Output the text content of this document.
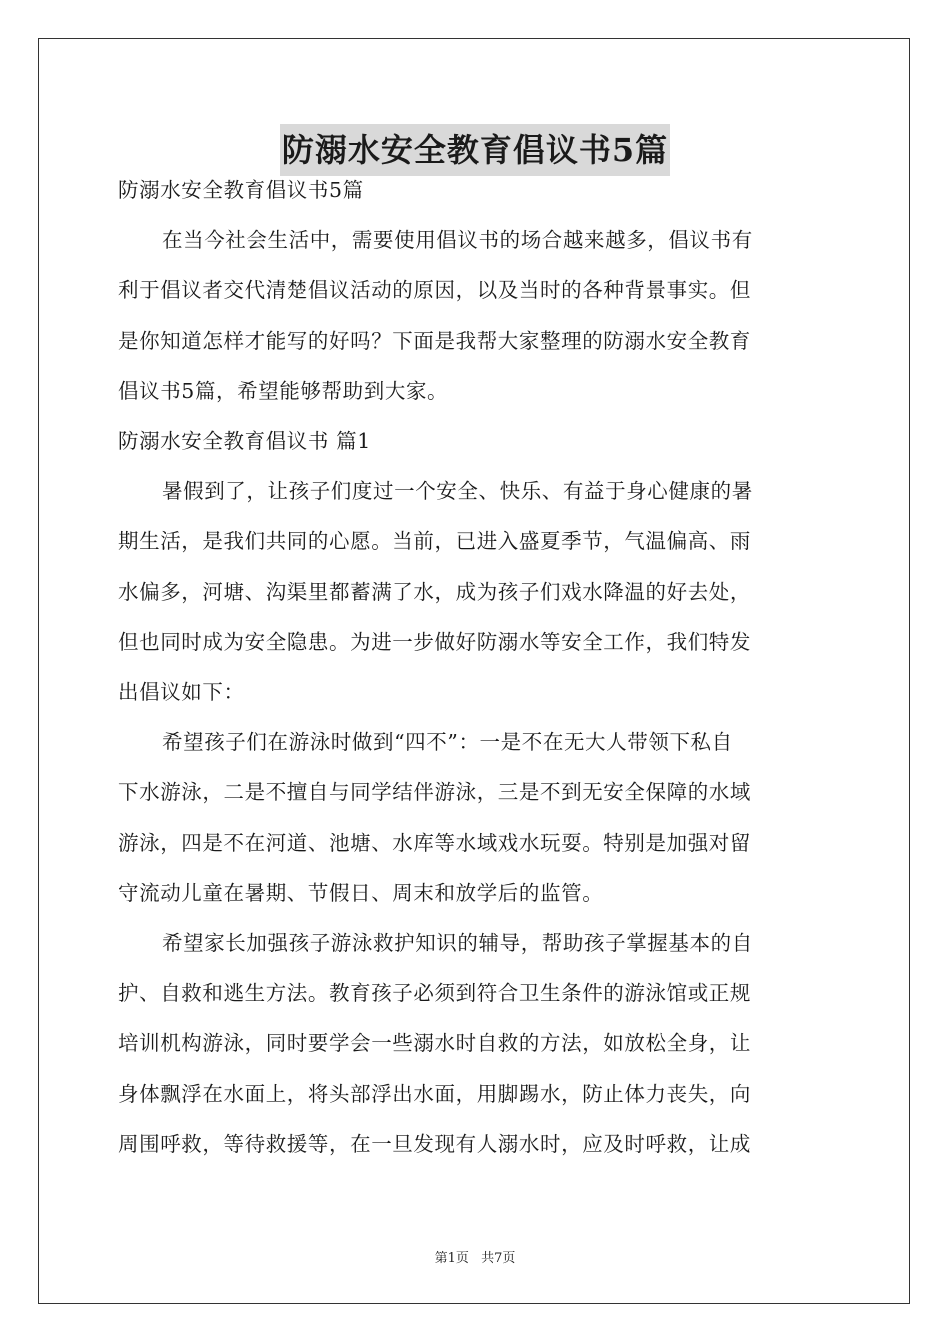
防溺水安全教育倡议书5篇
防溺水安全教育倡议书5篇
在当今社会生活中，需要使用倡议书的场合越来越多，倡议书有
利于倡议者交代清楚倡议活动的原因，以及当时的各种背景事实。但
是你知道怎样才能写的好吗？下面是我帮大家整理的防溺水安全教育
倡议书5篇，希望能够帮助到大家。
防溺水安全教育倡议书 篇1
暑假到了，让孩子们度过一个安全、快乐、有益于身心健康的暑
期生活，是我们共同的心愿。当前，已进入盛夏季节，气温偏高、雨
水偏多，河塘、沟渠里都蓄满了水，成为孩子们戏水降温的好去处，
但也同时成为安全隐患。为进一步做好防溺水等安全工作，我们特发
出倡议如下：
希望孩子们在游泳时做到“四不”：一是不在无大人带领下私自
下水游泳，二是不擅自与同学结伴游泳，三是不到无安全保障的水域
游泳，四是不在河道、池塘、水库等水域戏水玩耍。特别是加强对留
守流动儿童在暑期、节假日、周末和放学后的监管。
希望家长加强孩子游泳救护知识的辅导，帮助孩子掌握基本的自
护、自救和逃生方法。教育孩子必须到符合卫生条件的游泳馆或正规
培训机构游泳，同时要学会一些溺水时自救的方法，如放松全身，让
身体飘浮在水面上，将头部浮出水面，用脚踢水，防止体力丧失，向
周围呼救，等待救援等，在一旦发现有人溺水时，应及时呼救，让成
第1页 共7页
